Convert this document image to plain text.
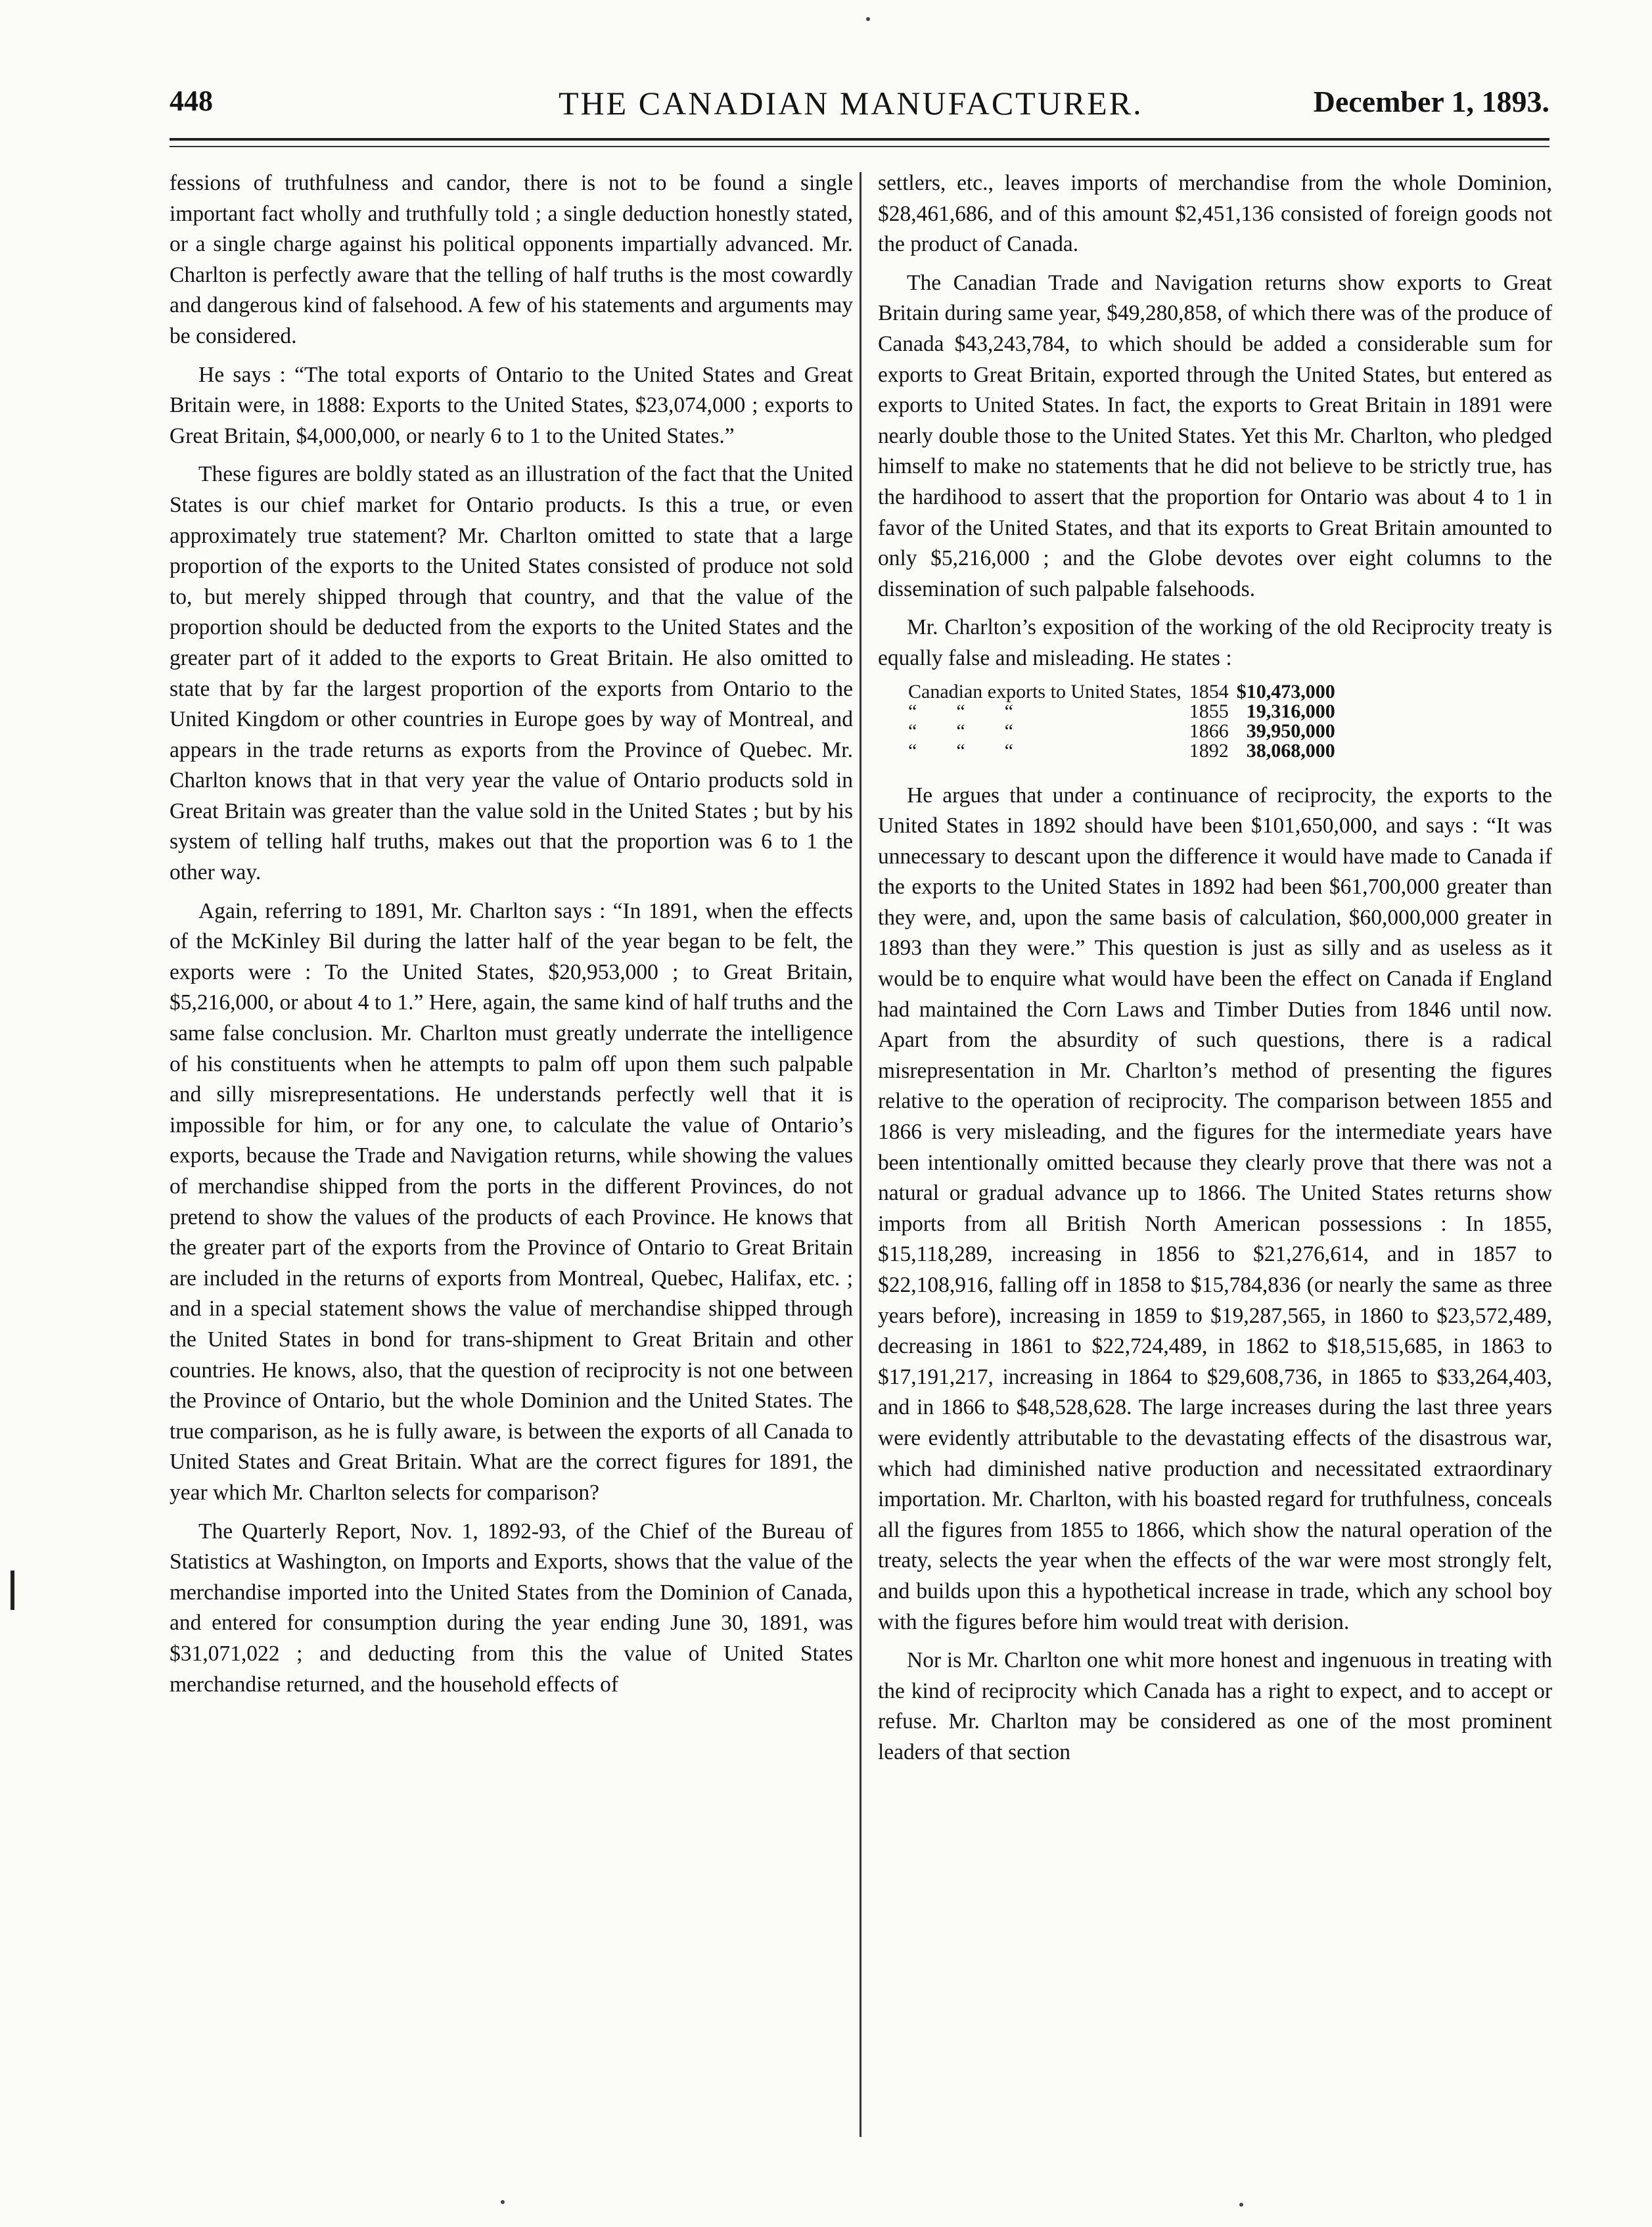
448	THE CANADIAN MANUFACTURER.	December 1, 1893.

fessions of truthfulness and candor, there is not to be found a single important fact wholly and truthfully told ; a single deduction honestly stated, or a single charge against his political opponents impartially advanced. Mr. Charlton is perfectly aware that the telling of half truths is the most cowardly and dangerous kind of falsehood. A few of his statements and arguments may be considered.

He says : “The total exports of Ontario to the United States and Great Britain were, in 1888: Exports to the United States, $23,074,000 ; exports to Great Britain, $4,000,000, or nearly 6 to 1 to the United States.”

These figures are boldly stated as an illustration of the fact that the United States is our chief market for Ontario products. Is this a true, or even approximately true statement? Mr. Charlton omitted to state that a large proportion of the exports to the United States consisted of produce not sold to, but merely shipped through that country, and that the value of the proportion should be deducted from the exports to the United States and the greater part of it added to the exports to Great Britain. He also omitted to state that by far the largest proportion of the exports from Ontario to the United Kingdom or other countries in Europe goes by way of Montreal, and appears in the trade returns as exports from the Province of Quebec. Mr. Charlton knows that in that very year the value of Ontario products sold in Great Britain was greater than the value sold in the United States ; but by his system of telling half truths, makes out that the proportion was 6 to 1 the other way.

Again, referring to 1891, Mr. Charlton says : “In 1891, when the effects of the McKinley Bil during the latter half of the year began to be felt, the exports were : To the United States, $20,953,000 ; to Great Britain, $5,216,000, or about 4 to 1.” Here, again, the same kind of half truths and the same false conclusion. Mr. Charlton must greatly underrate the intelligence of his constituents when he attempts to palm off upon them such palpable and silly misrepresentations. He understands perfectly well that it is impossible for him, or for any one, to calculate the value of Ontario’s exports, because the Trade and Navigation returns, while showing the values of merchandise shipped from the ports in the different Provinces, do not pretend to show the values of the products of each Province. He knows that the greater part of the exports from the Province of Ontario to Great Britain are included in the returns of exports from Montreal, Quebec, Halifax, etc. ; and in a special statement shows the value of merchandise shipped through the United States in bond for trans-shipment to Great Britain and other countries. He knows, also, that the question of reciprocity is not one between the Province of Ontario, but the whole Dominion and the United States. The true comparison, as he is fully aware, is between the exports of all Canada to United States and Great Britain. What are the correct figures for 1891, the year which Mr. Charlton selects for comparison?

The Quarterly Report, Nov. 1, 1892-93, of the Chief of the Bureau of Statistics at Washington, on Imports and Exports, shows that the value of the merchandise imported into the United States from the Dominion of Canada, and entered for consumption during the year ending June 30, 1891, was $31,071,022 ; and deducting from this the value of United States merchandise returned, and the household effects of

settlers, etc., leaves imports of merchandise from the whole Dominion, $28,461,686, and of this amount $2,451,136 consisted of foreign goods not the product of Canada.

The Canadian Trade and Navigation returns show exports to Great Britain during same year, $49,280,858, of which there was of the produce of Canada $43,243,784, to which should be added a considerable sum for exports to Great Britain, exported through the United States, but entered as exports to United States. In fact, the exports to Great Britain in 1891 were nearly double those to the United States. Yet this Mr. Charlton, who pledged himself to make no statements that he did not believe to be strictly true, has the hardihood to assert that the proportion for Ontario was about 4 to 1 in favor of the United States, and that its exports to Great Britain amounted to only $5,216,000 ; and the Globe devotes over eight columns to the dissemination of such palpable falsehoods.

Mr. Charlton’s exposition of the working of the old Reciprocity treaty is equally false and misleading. He states :

Canadian exports to United States,	1854	$10,473,000
“ “ “	1855	19,316,000
“ “ “	1866	39,950,000
“ “ “	1892	38,068,000

He argues that under a continuance of reciprocity, the exports to the United States in 1892 should have been $101,650,000, and says : “It was unnecessary to descant upon the difference it would have made to Canada if the exports to the United States in 1892 had been $61,700,000 greater than they were, and, upon the same basis of calculation, $60,000,000 greater in 1893 than they were.” This question is just as silly and as useless as it would be to enquire what would have been the effect on Canada if England had maintained the Corn Laws and Timber Duties from 1846 until now. Apart from the absurdity of such questions, there is a radical misrepresentation in Mr. Charlton’s method of presenting the figures relative to the operation of reciprocity. The comparison between 1855 and 1866 is very misleading, and the figures for the intermediate years have been intentionally omitted because they clearly prove that there was not a natural or gradual advance up to 1866. The United States returns show imports from all British North American possessions : In 1855, $15,118,289, increasing in 1856 to $21,276,614, and in 1857 to $22,108,916, falling off in 1858 to $15,784,836 (or nearly the same as three years before), increasing in 1859 to $19,287,565, in 1860 to $23,572,489, decreasing in 1861 to $22,724,489, in 1862 to $18,515,685, in 1863 to $17,191,217, increasing in 1864 to $29,608,736, in 1865 to $33,264,403, and in 1866 to $48,528,628. The large increases during the last three years were evidently attributable to the devastating effects of the disastrous war, which had diminished native production and necessitated extraordinary importation. Mr. Charlton, with his boasted regard for truthfulness, conceals all the figures from 1855 to 1866, which show the natural operation of the treaty, selects the year when the effects of the war were most strongly felt, and builds upon this a hypothetical increase in trade, which any school boy with the figures before him would treat with derision.

Nor is Mr. Charlton one whit more honest and ingenuous in treating with the kind of reciprocity which Canada has a right to expect, and to accept or refuse. Mr. Charlton may be considered as one of the most prominent leaders of that section
